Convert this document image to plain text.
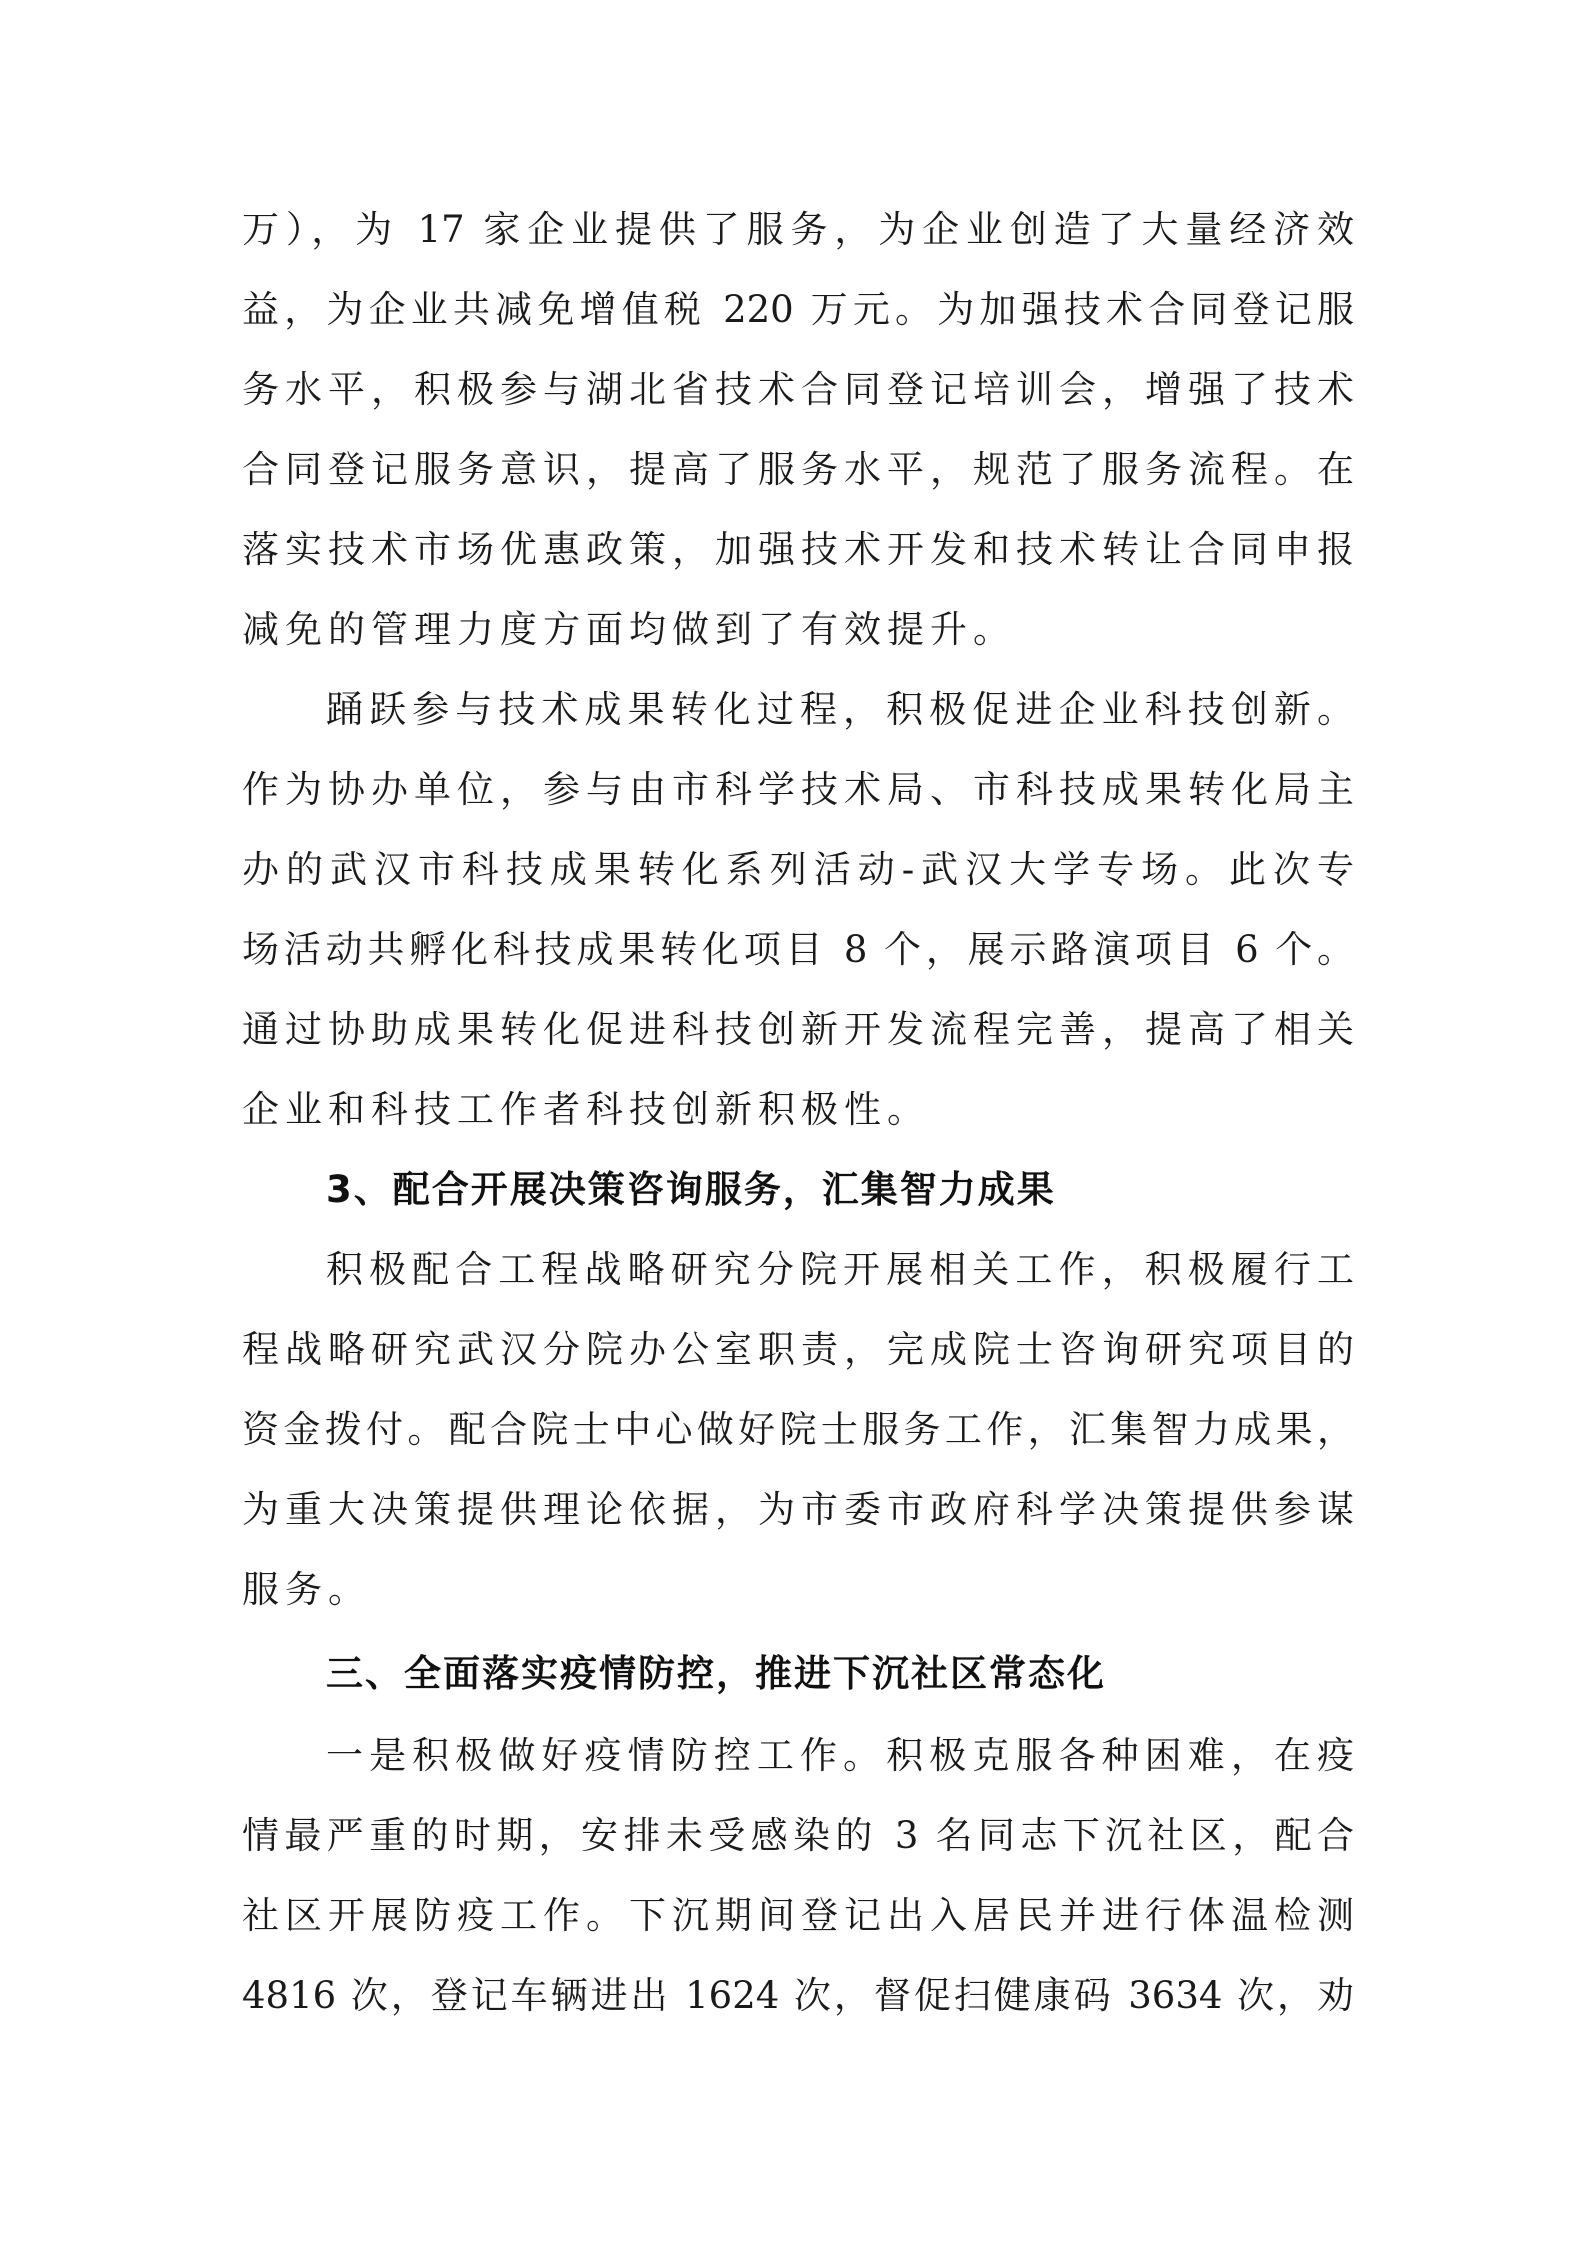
万），为 17 家企业提供了服务，为企业创造了大量经济效
益，为企业共减免增值税 220 万元。为加强技术合同登记服
务水平，积极参与湖北省技术合同登记培训会，增强了技术
合同登记服务意识，提高了服务水平，规范了服务流程。在
落实技术市场优惠政策，加强技术开发和技术转让合同申报
减免的管理力度方面均做到了有效提升。
踊跃参与技术成果转化过程，积极促进企业科技创新。
作为协办单位，参与由市科学技术局、市科技成果转化局主
办的武汉市科技成果转化系列活动-武汉大学专场。此次专
场活动共孵化科技成果转化项目 8 个，展示路演项目 6 个。
通过协助成果转化促进科技创新开发流程完善，提高了相关
企业和科技工作者科技创新积极性。
3、配合开展决策咨询服务，汇集智力成果
积极配合工程战略研究分院开展相关工作，积极履行工
程战略研究武汉分院办公室职责，完成院士咨询研究项目的
资金拨付。配合院士中心做好院士服务工作，汇集智力成果，
为重大决策提供理论依据，为市委市政府科学决策提供参谋
服务。
三、全面落实疫情防控，推进下沉社区常态化
一是积极做好疫情防控工作。积极克服各种困难，在疫
情最严重的时期，安排未受感染的 3 名同志下沉社区，配合
社区开展防疫工作。下沉期间登记出入居民并进行体温检测
4816 次，登记车辆进出 1624 次，督促扫健康码 3634 次，劝
